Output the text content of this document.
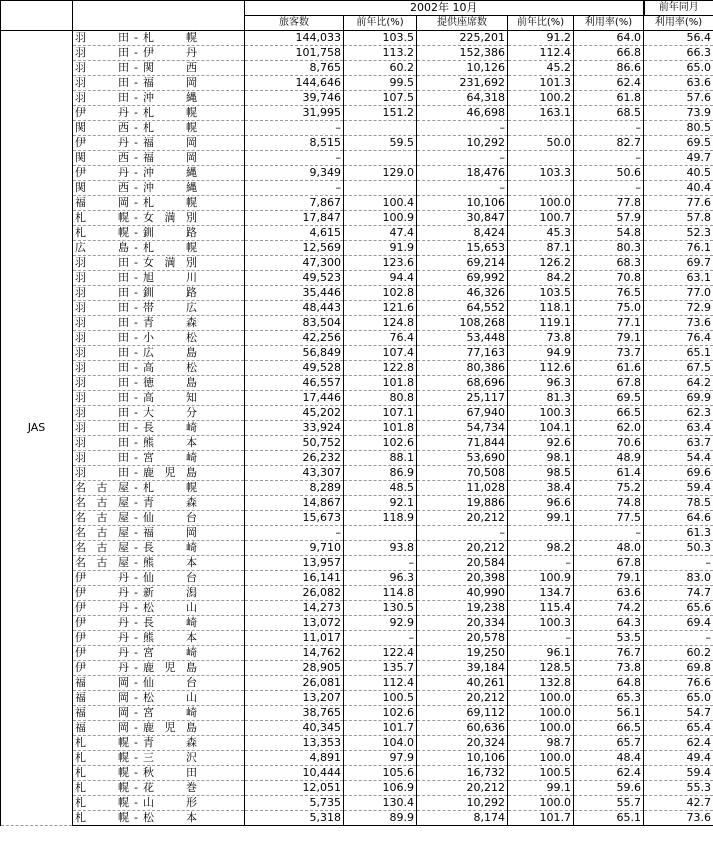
		2002年 10月					前年同月
		旅客数	前年比(%)	提供座席数	前年比(%)	利用率(%)	利用率(%)
JAS	羽田 - 札幌	144,033	103.5	225,201	91.2	64.0	56.4

	羽田 - 伊丹	101,758	113.2	152,386	112.4	66.8	66.3

	羽田 - 関西	8,765	60.2	10,126	45.2	86.6	65.0

	羽田 - 福岡	144,646	99.5	231,692	101.3	62.4	63.6

	羽田 - 沖縄	39,746	107.5	64,318	100.2	61.8	57.6

	伊丹 - 札幌	31,995	151.2	46,698	163.1	68.5	73.9

	関西 - 札幌	–		–		–	80.5

	伊丹 - 福岡	8,515	59.5	10,292	50.0	82.7	69.5

	関西 - 福岡	–		–		–	49.7

	伊丹 - 沖縄	9,349	129.0	18,476	103.3	50.6	40.5

	関西 - 沖縄	–		–		–	40.4

	福岡 - 札幌	7,867	100.4	10,106	100.0	77.8	77.6

	札幌 - 女満別	17,847	100.9	30,847	100.7	57.9	57.8

	札幌 - 釧路	4,615	47.4	8,424	45.3	54.8	52.3

	広島 - 札幌	12,569	91.9	15,653	87.1	80.3	76.1

	羽田 - 女満別	47,300	123.6	69,214	126.2	68.3	69.7

	羽田 - 旭川	49,523	94.4	69,992	84.2	70.8	63.1

	羽田 - 釧路	35,446	102.8	46,326	103.5	76.5	77.0

	羽田 - 帯広	48,443	121.6	64,552	118.1	75.0	72.9

	羽田 - 青森	83,504	124.8	108,268	119.1	77.1	73.6

	羽田 - 小松	42,256	76.4	53,448	73.8	79.1	76.4

	羽田 - 広島	56,849	107.4	77,163	94.9	73.7	65.1

	羽田 - 高松	49,528	122.8	80,386	112.6	61.6	67.5

	羽田 - 徳島	46,557	101.8	68,696	96.3	67.8	64.2

	羽田 - 高知	17,446	80.8	25,117	81.3	69.5	69.9

	羽田 - 大分	45,202	107.1	67,940	100.3	66.5	62.3

	羽田 - 長崎	33,924	101.8	54,734	104.1	62.0	63.4

	羽田 - 熊本	50,752	102.6	71,844	92.6	70.6	63.7

	羽田 - 宮崎	26,232	88.1	53,690	98.1	48.9	54.4

	羽田 - 鹿児島	43,307	86.9	70,508	98.5	61.4	69.6

	名古屋 - 札幌	8,289	48.5	11,028	38.4	75.2	59.4

	名古屋 - 青森	14,867	92.1	19,886	96.6	74.8	78.5

	名古屋 - 仙台	15,673	118.9	20,212	99.1	77.5	64.6

	名古屋 - 福岡	–		–		–	61.3

	名古屋 - 長崎	9,710	93.8	20,212	98.2	48.0	50.3

	名古屋 - 熊本	13,957	–	20,584	–	67.8	–

	伊丹 - 仙台	16,141	96.3	20,398	100.9	79.1	83.0

	伊丹 - 新潟	26,082	114.8	40,990	134.7	63.6	74.7

	伊丹 - 松山	14,273	130.5	19,238	115.4	74.2	65.6

	伊丹 - 長崎	13,072	92.9	20,334	100.3	64.3	69.4

	伊丹 - 熊本	11,017	–	20,578	–	53.5	–

	伊丹 - 宮崎	14,762	122.4	19,250	96.1	76.7	60.2

	伊丹 - 鹿児島	28,905	135.7	39,184	128.5	73.8	69.8

	福岡 - 仙台	26,081	112.4	40,261	132.8	64.8	76.6

	福岡 - 松山	13,207	100.5	20,212	100.0	65.3	65.0

	福岡 - 宮崎	38,765	102.6	69,112	100.0	56.1	54.7

	福岡 - 鹿児島	40,345	101.7	60,636	100.0	66.5	65.4

	札幌 - 青森	13,353	104.0	20,324	98.7	65.7	62.4

	札幌 - 三沢	4,891	97.9	10,106	100.0	48.4	49.4

	札幌 - 秋田	10,444	105.6	16,732	100.5	62.4	59.4

	札幌 - 花巻	12,051	106.9	20,212	99.1	59.6	55.3

	札幌 - 山形	5,735	130.4	10,292	100.0	55.7	42.7

	札幌 - 松本	5,318	89.9	8,174	101.7	65.1	73.6
